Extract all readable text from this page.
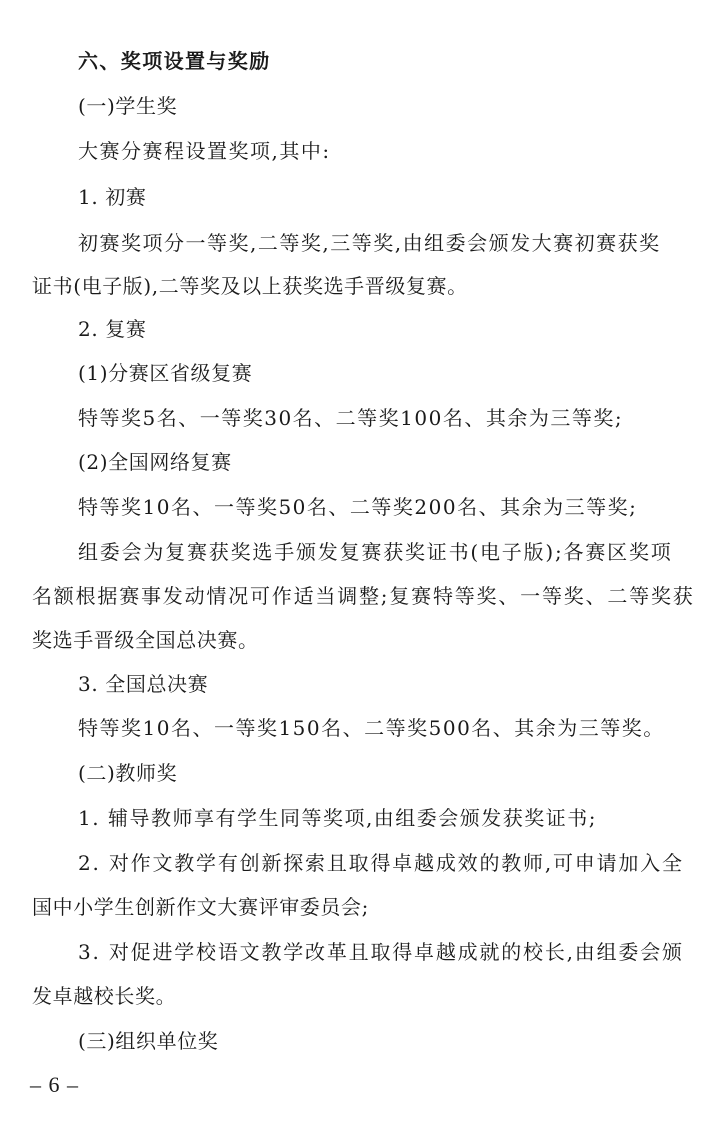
六、奖项设置与奖励
(一)学生奖
大赛分赛程设置奖项,其中:
1. 初赛
初赛奖项分一等奖,二等奖,三等奖,由组委会颁发大赛初赛获奖
证书(电子版),二等奖及以上获奖选手晋级复赛。
2. 复赛
(1)分赛区省级复赛
特等奖5名、一等奖30名、二等奖100名、其余为三等奖;
(2)全国网络复赛
特等奖10名、一等奖50名、二等奖200名、其余为三等奖;
组委会为复赛获奖选手颁发复赛获奖证书(电子版);各赛区奖项
名额根据赛事发动情况可作适当调整;复赛特等奖、一等奖、二等奖获
奖选手晋级全国总决赛。
3. 全国总决赛
特等奖10名、一等奖150名、二等奖500名、其余为三等奖。
(二)教师奖
1. 辅导教师享有学生同等奖项,由组委会颁发获奖证书;
2. 对作文教学有创新探索且取得卓越成效的教师,可申请加入全
国中小学生创新作文大赛评审委员会;
3. 对促进学校语文教学改革且取得卓越成就的校长,由组委会颁
发卓越校长奖。
(三)组织单位奖
– 6 –
